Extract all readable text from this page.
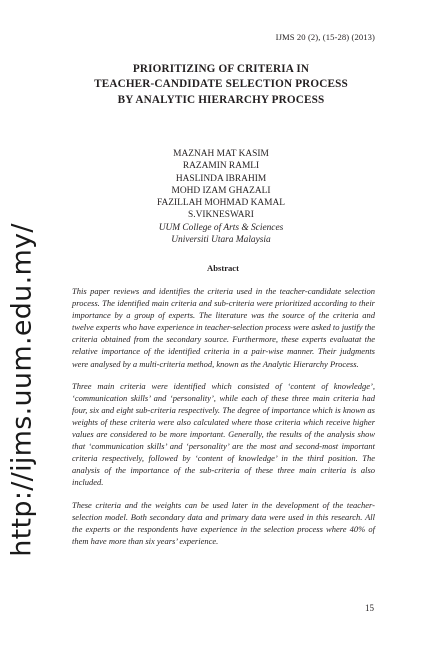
http://ijms.uum.edu.my/
IJMS 20 (2), (15-28) (2013)
PRIORITIZING OF CRITERIA IN
TEACHER-CANDIDATE SELECTION PROCESS
BY ANALYTIC HIERARCHY PROCESS
MAZNAH MAT KASIM
RAZAMIN RAMLI
HASLINDA IBRAHIM
MOHD IZAM GHAZALI
FAZILLAH MOHMAD KAMAL
S.VIKNESWARI
UUM College of Arts & Sciences
Universiti Utara Malaysia
Abstract

This paper reviews and identifies the criteria used in the teacher-candidate selection process. The identified main criteria and sub-criteria were prioritized according to their importance by a group of experts. The literature was the source of the criteria and twelve experts who have experience in teacher-selection process were asked to justify the criteria obtained from the secondary source. Furthermore, these experts evaluatat the relative importance of the identified criteria in a pair-wise manner. Their judgments were analysed by a multi-criteria method, known as the Analytic Hierarchy Process.

Three main criteria were identified which consisted of ‘content of knowledge’, ‘communication skills’ and ‘personality’, while each of these three main criteria had four, six and eight sub-criteria respectively. The degree of importance which is known as weights of these criteria were also calculated where those criteria which receive higher values are considered to be more important. Generally, the results of the analysis show that ‘communication skills’ and ‘personality’ are the most and second-most important criteria respectively, followed by ‘content of knowledge’ in the third position. The analysis of the importance of the sub-criteria of these three main criteria is also included.

These criteria and the weights can be used later in the development of the teacher-selection model. Both secondary data and primary data were used in this research. All the experts or the respondents have experience in the selection process where 40% of them have more than six years’ experience.

15
